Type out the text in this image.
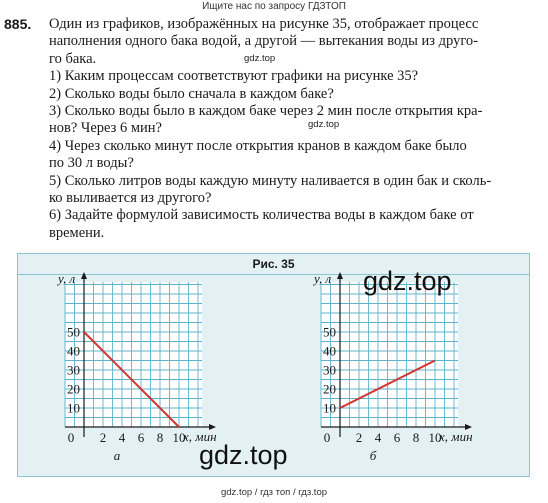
Ищите нас по запросу ГДЗТОП
885. Один из графиков, изображённых на рисунке 35, отображает процесс
наполнения одного бака водой, а другой — вытекания воды из друго-
го бака.
1) Каким процессам соответствуют графики на рисунке 35?
2) Сколько воды было сначала в каждом баке?
3) Сколько воды было в каждом баке через 2 мин после открытия кра-
нов? Через 6 мин?
4) Через сколько минут после открытия кранов в каждом баке было
по 30 л воды?
5) Сколько литров воды каждую минуту наливается в один бак и сколь-
ко выливается из другого?
6) Задайте формулой зависимость количества воды в каждом баке от
времени.
gdz.top
gdz.top
Рис. 35
0 2 4 6 8 10
10
20
30
40
50
x, мин
y, л
а
0 2 4 6 8 10
10
20
30
40
50
x, мин
y, л
б
gdz.top
gdz.top
gdz.top / гдз топ / гдз.top
